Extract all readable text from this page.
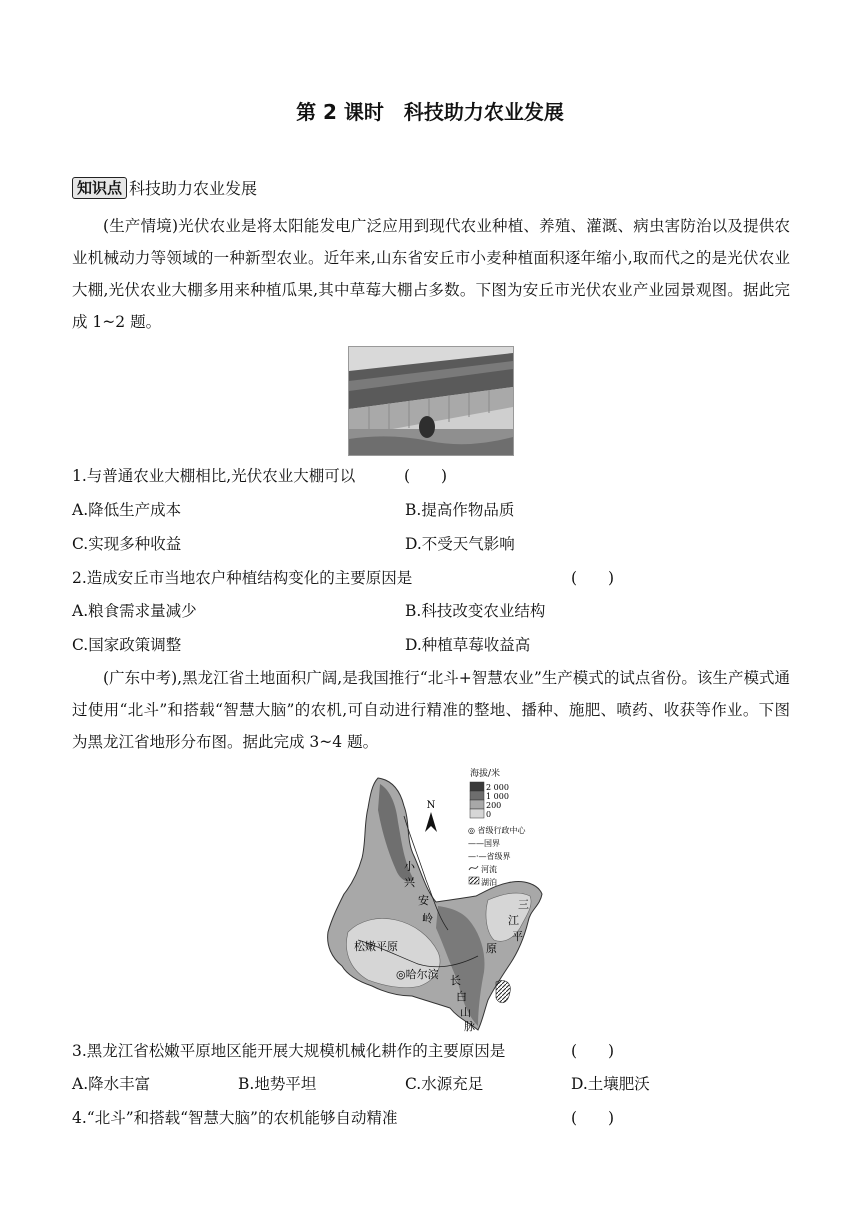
第 2 课时　科技助力农业发展
知识点 科技助力农业发展
(生产情境)光伏农业是将太阳能发电广泛应用到现代农业种植、养殖、灌溉、病虫害防治以及提供农业机械动力等领域的一种新型农业。近年来,山东省安丘市小麦种植面积逐年缩小,取而代之的是光伏农业大棚,光伏农业大棚多用来种植瓜果,其中草莓大棚占多数。下图为安丘市光伏农业产业园景观图。据此完成 1~2 题。
1.与普通农业大棚相比,光伏农业大棚可以	(　　)
A.降低生产成本	B.提高作物品质
C.实现多种收益	D.不受天气影响
2.造成安丘市当地农户种植结构变化的主要原因是	(　　)
A.粮食需求量减少	B.科技改变农业结构
C.国家政策调整	D.种植草莓收益高
(广东中考),黑龙江省土地面积广阔,是我国推行“北斗+智慧农业”生产模式的试点省份。该生产模式通过使用“北斗”和搭载“智慧大脑”的农机,可自动进行精准的整地、播种、施肥、喷药、收获等作业。下图为黑龙江省地形分布图。据此完成 3~4 题。
N
海拔/米
2 000
1 000
200
0
◎ 省级行政中心
——国界
—·—省级界
河流
湖泊
小
兴
安
岭
三
江
平
原
松嫩平原
◎哈尔滨 长
白
山
脉
3.黑龙江省松嫩平原地区能开展大规模机械化耕作的主要原因是	(　　)
A.降水丰富	B.地势平坦	C.水源充足	D.土壤肥沃
4.“北斗”和搭载“智慧大脑”的农机能够自动精准	(　　)
